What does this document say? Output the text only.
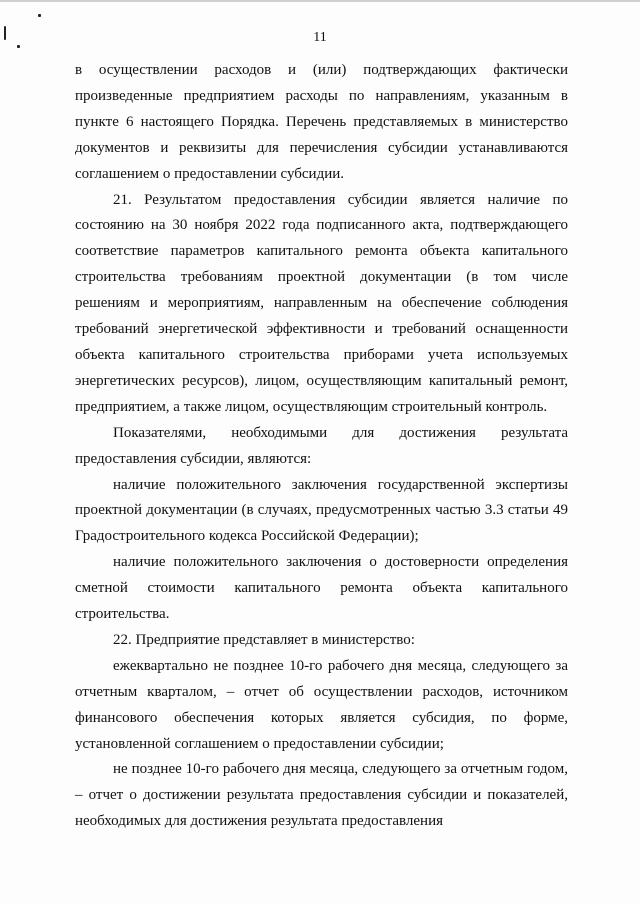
11

в осуществлении расходов и (или) подтверждающих фактически произведенные предприятием расходы по направлениям, указанным в пункте 6 настоящего Порядка. Перечень представляемых в министерство документов и реквизиты для перечисления субсидии устанавливаются соглашением о предоставлении субсидии.

21. Результатом предоставления субсидии является наличие по состоянию на 30 ноября 2022 года подписанного акта, подтверждающего соответствие параметров капитального ремонта объекта капитального строительства требованиям проектной документации (в том числе решениям и мероприятиям, направленным на обеспечение соблюдения требований энергетической эффективности и требований оснащенности объекта капитального строительства приборами учета используемых энергетических ресурсов), лицом, осуществляющим капитальный ремонт, предприятием, а также лицом, осуществляющим строительный контроль.

Показателями, необходимыми для достижения результата предоставления субсидии, являются:

наличие положительного заключения государственной экспертизы проектной документации (в случаях, предусмотренных частью 3.3 статьи 49 Градостроительного кодекса Российской Федерации);

наличие положительного заключения о достоверности определения сметной стоимости капитального ремонта объекта капитального строительства.

22. Предприятие представляет в министерство:

ежеквартально не позднее 10-го рабочего дня месяца, следующего за отчетным кварталом, – отчет об осуществлении расходов, источником финансового обеспечения которых является субсидия, по форме, установленной соглашением о предоставлении субсидии;

не позднее 10-го рабочего дня месяца, следующего за отчетным годом, – отчет о достижении результата предоставления субсидии и показателей, необходимых для достижения результата предоставления
